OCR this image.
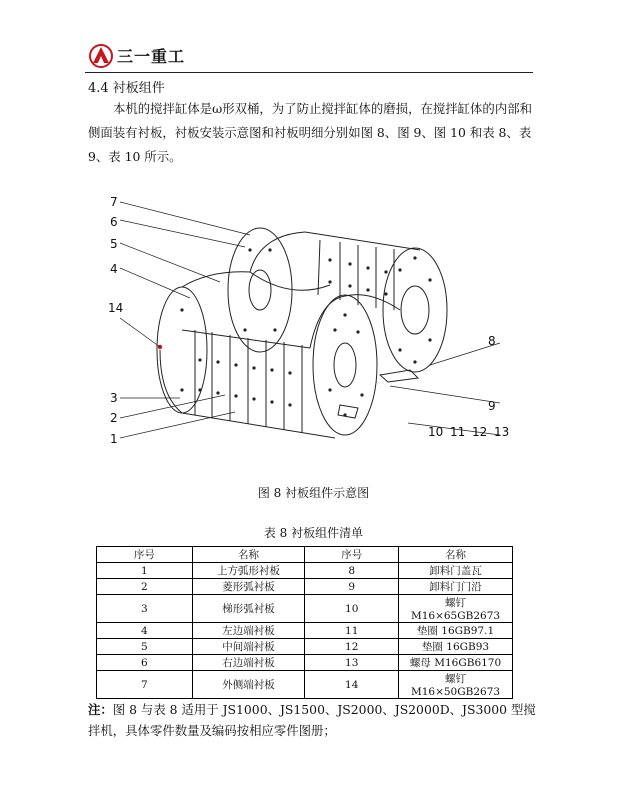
三一重工
4.4 衬板组件
本机的搅拌缸体是ω形双桶，为了防止搅拌缸体的磨损，在搅拌缸体的内部和侧面装有衬板，衬板安装示意图和衬板明细分别如图 8、图 9、图 10 和表 8、表 9、表 10 所示。
7
6
5
4
14
3
2
1
8
9
10 11 12 13
图 8 衬板组件示意图
表 8 衬板组件清单
序号	名称	序号	名称
1	上方弧形衬板	8	卸料门盖瓦
2	菱形弧衬板	9	卸料门门沿
3	梯形弧衬板	10	螺钉 M16×65GB2673
4	左边端衬板	11	垫圈 16GB97.1
5	中间端衬板	12	垫圈 16GB93
6	右边端衬板	13	螺母 M16GB6170
7	外侧端衬板	14	螺钉 M16×50GB2673
注：图 8 与表 8 适用于 JS1000、JS1500、JS2000、JS2000D、JS3000 型搅拌机，具体零件数量及编码按相应零件图册；
